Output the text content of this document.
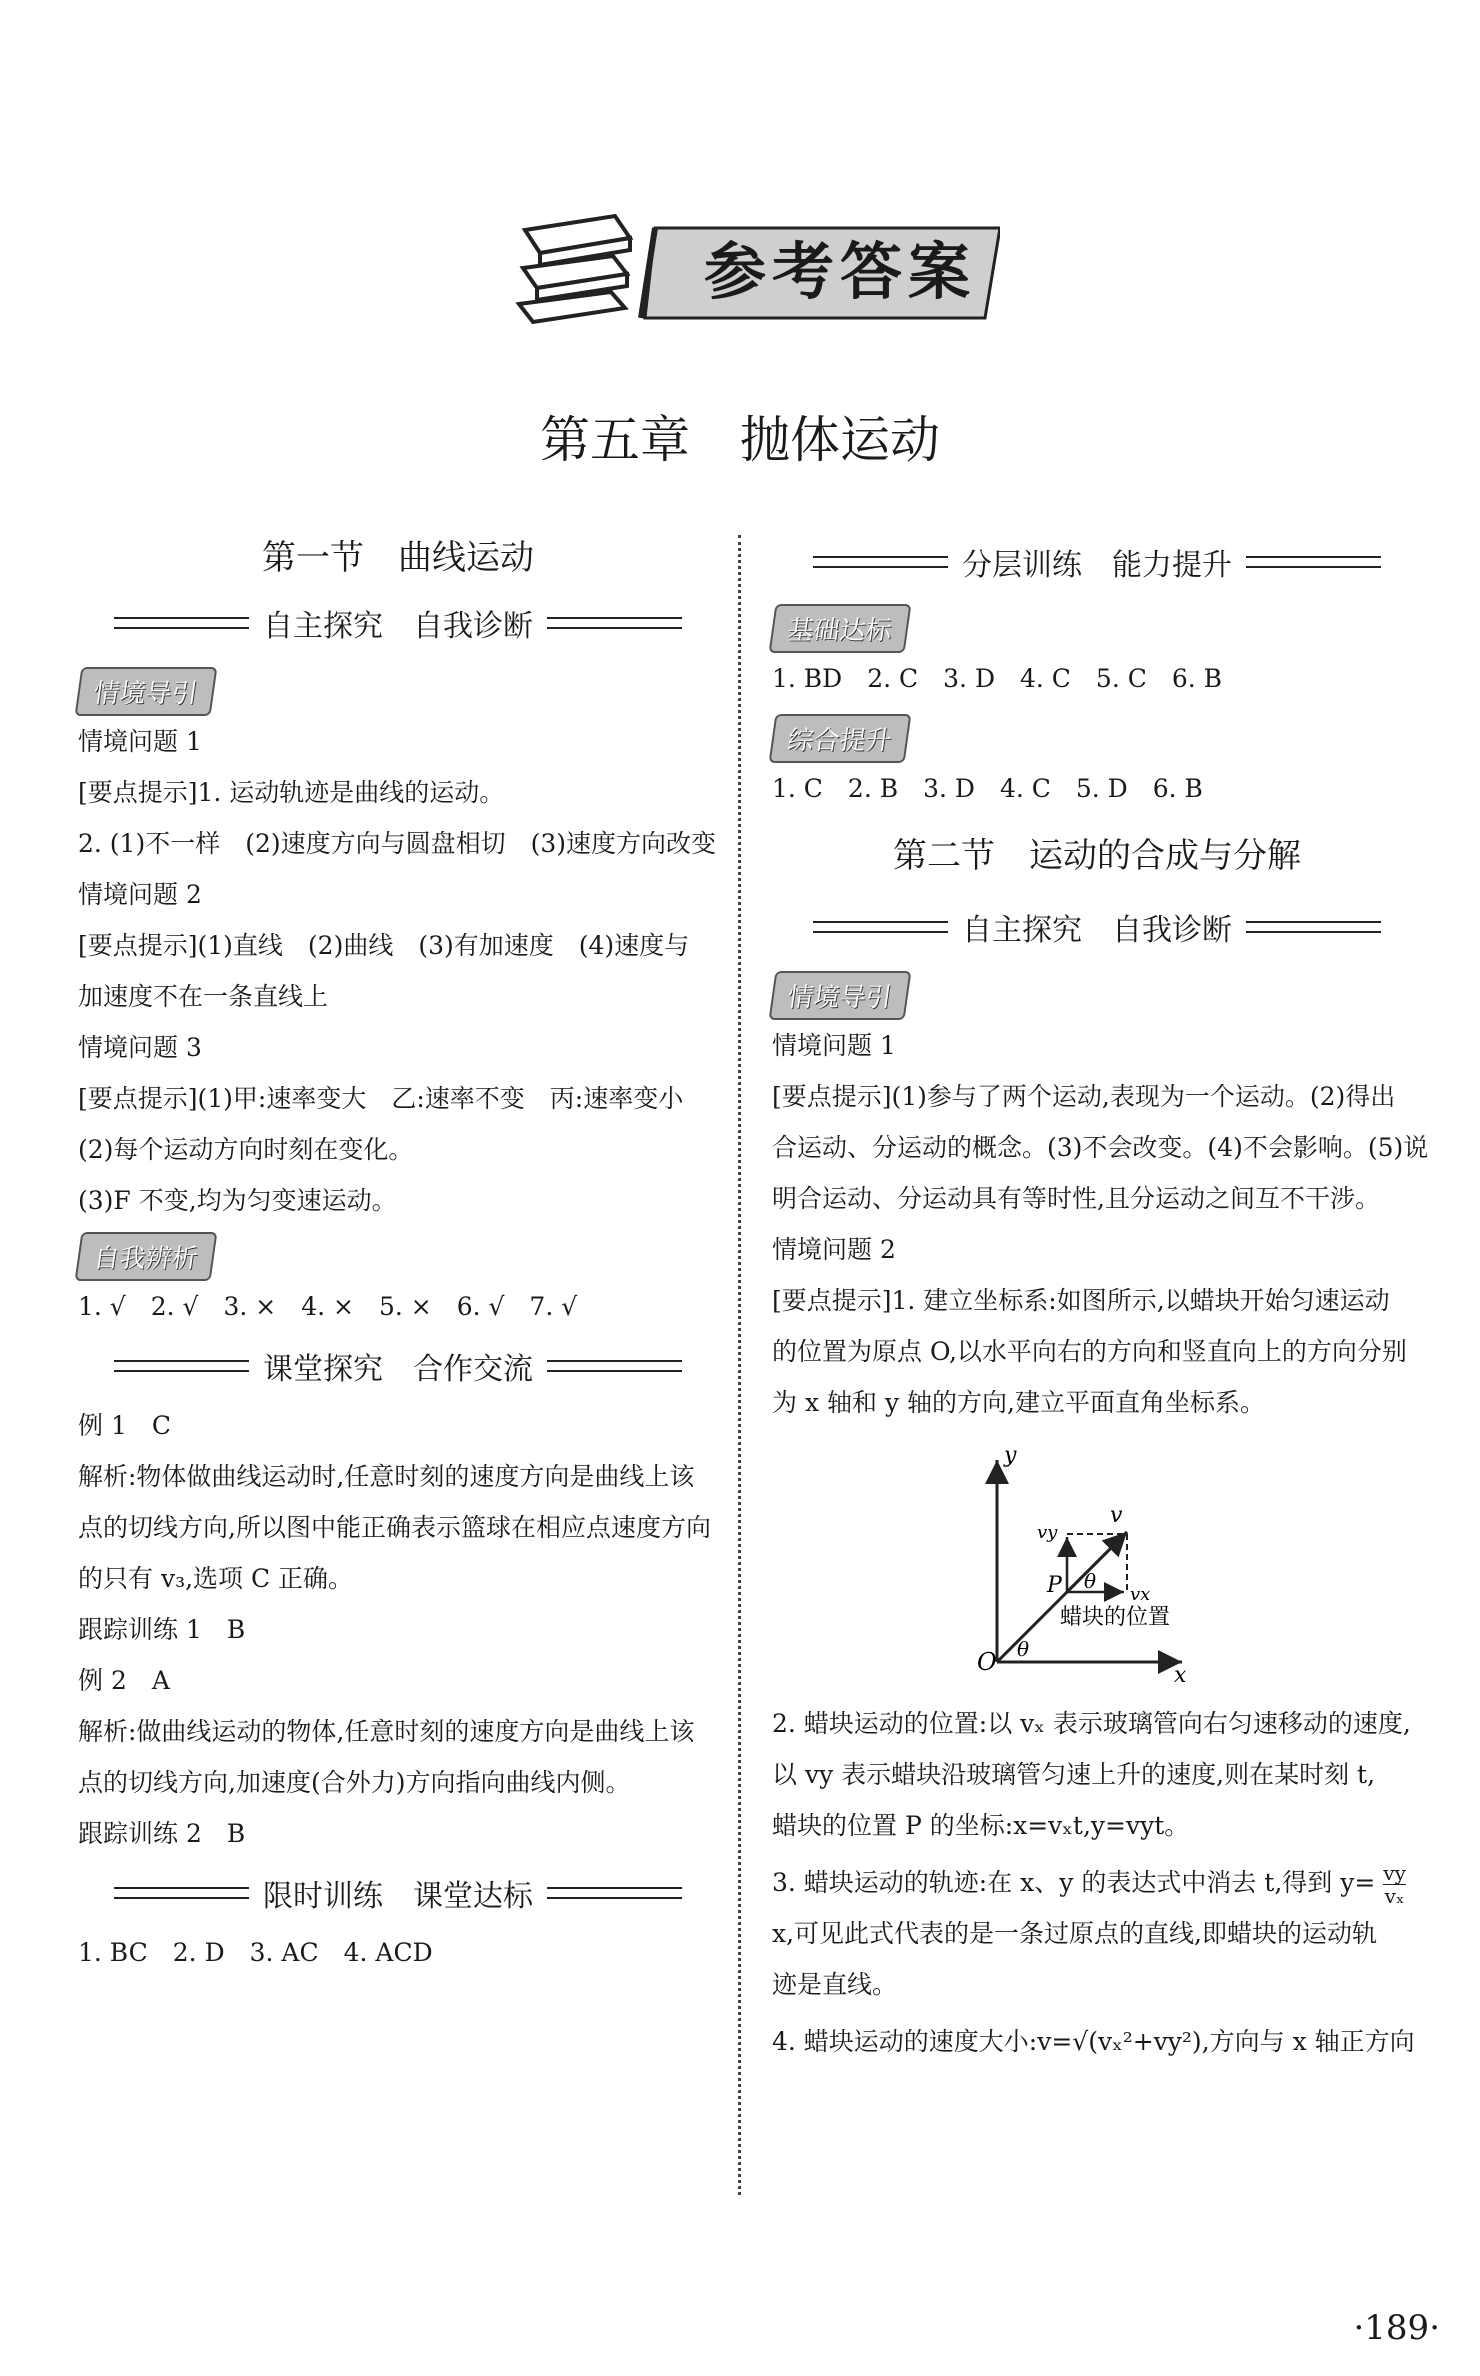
参考答案
第五章　抛体运动
第一节　曲线运动
自主探究　自我诊断
情境导引
情境问题 1
[要点提示]1. 运动轨迹是曲线的运动。
2. (1)不一样　(2)速度方向与圆盘相切　(3)速度方向改变
情境问题 2
[要点提示](1)直线　(2)曲线　(3)有加速度　(4)速度与
加速度不在一条直线上
情境问题 3
[要点提示](1)甲:速率变大　乙:速率不变　丙:速率变小
(2)每个运动方向时刻在变化。
(3)F 不变,均为匀变速运动。
自我辨析
1. √　2. √　3. ×　4. ×　5. ×　6. √　7. √
课堂探究　合作交流
例 1　C
解析:物体做曲线运动时,任意时刻的速度方向是曲线上该
点的切线方向,所以图中能正确表示篮球在相应点速度方向
的只有 v₃,选项 C 正确。
跟踪训练 1　B
例 2　A
解析:做曲线运动的物体,任意时刻的速度方向是曲线上该
点的切线方向,加速度(合外力)方向指向曲线内侧。
跟踪训练 2　B
限时训练　课堂达标
1. BC　2. D　3. AC　4. ACD
分层训练　能力提升
基础达标
1. BD　2. C　3. D　4. C　5. C　6. B
综合提升
1. C　2. B　3. D　4. C　5. D　6. B
第二节　运动的合成与分解
自主探究　自我诊断
情境导引
情境问题 1
[要点提示](1)参与了两个运动,表现为一个运动。(2)得出
合运动、分运动的概念。(3)不会改变。(4)不会影响。(5)说
明合运动、分运动具有等时性,且分运动之间互不干涉。
情境问题 2
[要点提示]1. 建立坐标系:如图所示,以蜡块开始匀速运动
的位置为原点 O,以水平向右的方向和竖直向上的方向分别
为 x 轴和 y 轴的方向,建立平面直角坐标系。
y
x
O
P
v
vy
vx
θ
θ
蜡块的位置
2. 蜡块运动的位置:以 vₓ 表示玻璃管向右匀速移动的速度,
以 vy 表示蜡块沿玻璃管匀速上升的速度,则在某时刻 t,
蜡块的位置 P 的坐标:x=vₓt,y=vyt。
3. 蜡块运动的轨迹:在 x、y 的表达式中消去 t,得到 $y= \frac{vy}{\text{vₓ}}$
x,可见此式代表的是一条过原点的直线,即蜡块的运动轨
迹是直线。
4. 蜡块运动的速度大小:v=√(vₓ²+vy²),方向与 x 轴正方向
·189·
